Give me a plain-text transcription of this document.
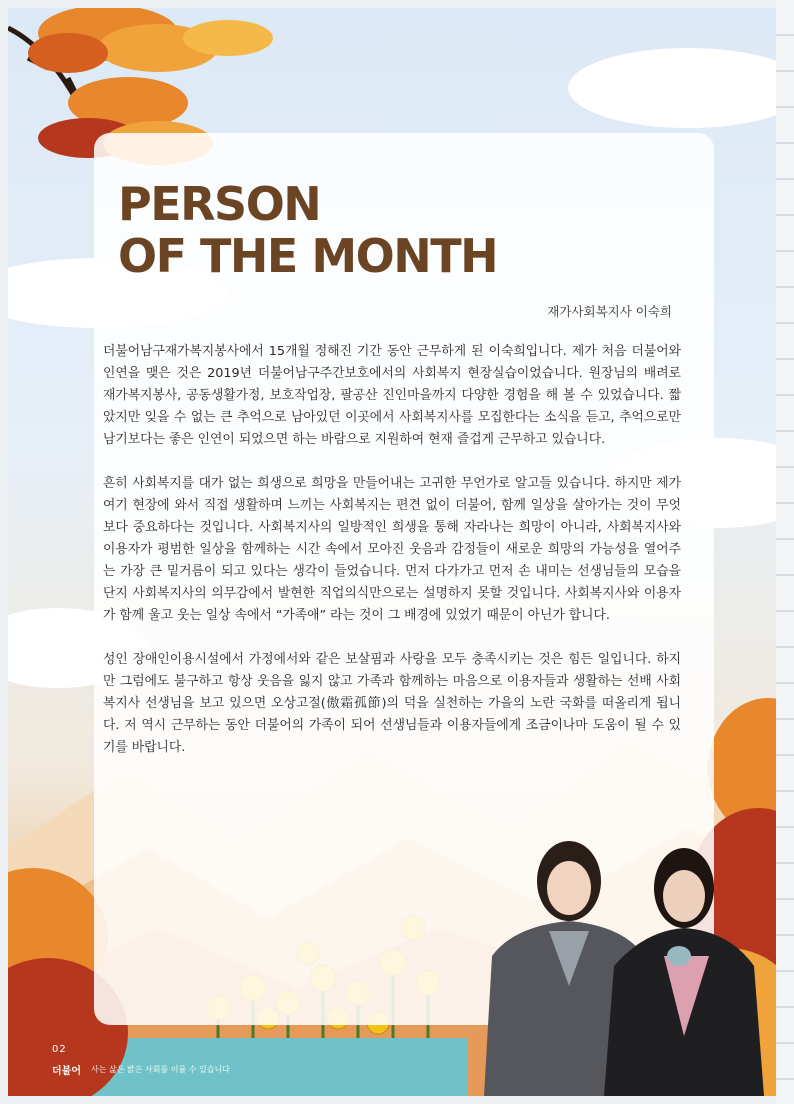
02
더불어 사는 삶은 밝은 사회를 이룰 수 있습니다
PERSON
OF THE MONTH
재가사회복지사 이숙희

더불어남구재가복지봉사에서 15개월 정해진 기간 동안 근무하게 된 이숙희입니다. 제가 처음 더불어와 인연을 맺은 것은 2019년 더불어남구주간보호에서의 사회복지 현장실습이었습니다. 원장님의 배려로 재가복지봉사, 공동생활가정, 보호작업장, 팔공산 진인마을까지 다양한 경험을 해 볼 수 있었습니다. 짧았지만 잊을 수 없는 큰 추억으로 남아있던 이곳에서 사회복지사를 모집한다는 소식을 듣고, 추억으로만 남기보다는 좋은 인연이 되었으면 하는 바람으로 지원하여 현재 즐겁게 근무하고 있습니다.

흔히 사회복지를 대가 없는 희생으로 희망을 만들어내는 고귀한 무언가로 알고들 있습니다. 하지만 제가 여기 현장에 와서 직접 생활하며 느끼는 사회복지는 편견 없이 더불어, 함께 일상을 살아가는 것이 무엇보다 중요하다는 것입니다. 사회복지사의 일방적인 희생을 통해 자라나는 희망이 아니라, 사회복지사와 이용자가 평범한 일상을 함께하는 시간 속에서 모아진 웃음과 감정들이 새로운 희망의 가능성을 열어주는 가장 큰 밑거름이 되고 있다는 생각이 들었습니다. 먼저 다가가고 먼저 손 내미는 선생님들의 모습을 단지 사회복지사의 의무감에서 발현한 직업의식만으로는 설명하지 못할 것입니다. 사회복지사와 이용자가 함께 울고 웃는 일상 속에서 “가족애” 라는 것이 그 배경에 있었기 때문이 아닌가 합니다.

성인 장애인이용시설에서 가정에서와 같은 보살핌과 사랑을 모두 충족시키는 것은 힘든 일입니다. 하지만 그럼에도 불구하고 항상 웃음을 잃지 않고 가족과 함께하는 마음으로 이용자들과 생활하는 선배 사회복지사 선생님을 보고 있으면 오상고절(傲霜孤節)의 덕을 실천하는 가을의 노란 국화를 떠올리게 됩니다. 저 역시 근무하는 동안 더불어의 가족이 되어 선생님들과 이용자들에게 조금이나마 도움이 될 수 있기를 바랍니다.
